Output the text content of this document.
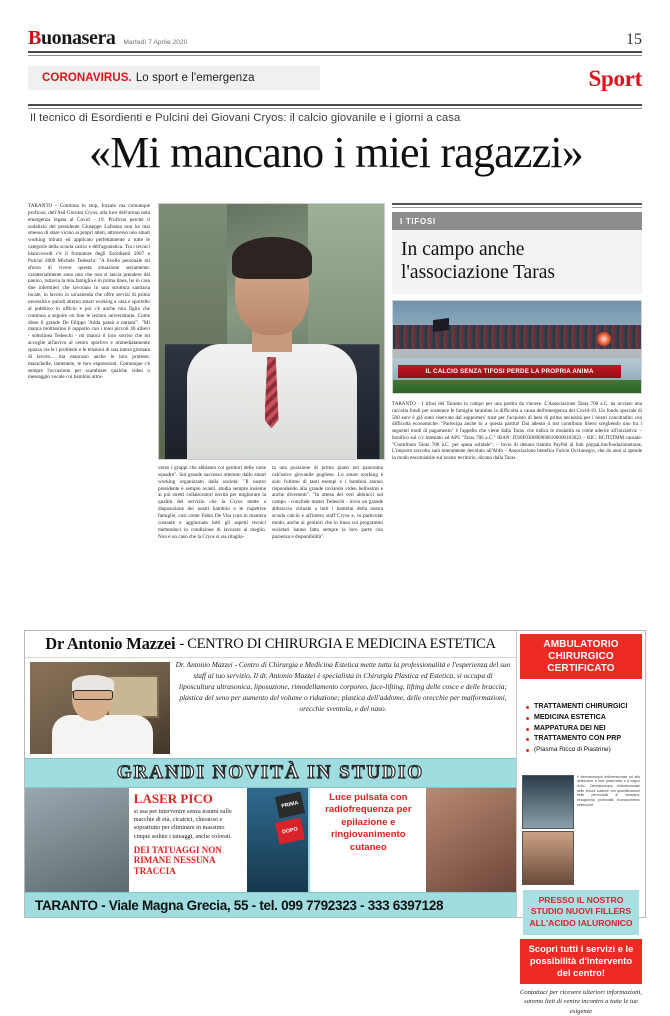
Buonasera Martedì 7 Aprile 2020	15
CORONAVIRUS. Lo sport e l'emergenza	Sport
Il tecnico di Esordienti e Pulcini dei Giovani Cryos: il calcio giovanile e i giorni a casa
«Mi mancano i miei ragazzi»
TARANTO - Continua lo stop, forzato ma comunque proficuo, dell'Asd Giovani Cryos, alla luce dell'ormai nota emergenza legata al Covid - 19. Proficuo perché il sodalizio del presidente Giuseppe Laframa non ha mai smesso di stare vicino ai propri atleti, attraverso uno smart working mirato ed applicato perfettamente a tutte le categorie della scuola calcio e dell'agonistica. Tra i tecnici biancoverdi c'è il formatore degli Esordienti 2007 e Pulcini 2009 Michele Tedeschi: "A livello personale mi sforzo di vivere questa situazione seriamente: caratterialmente sono uno che non si lascia prendere dal panico, tuttavia la mia famiglia è in prima linea, ho in casa due infermieri che lavorano in una struttura sanitaria locale, io lavoro in un'azienda che offre servizi di prima necessità e quindi alterno smart working a casa e sportello al pubblico in ufficio e poi c'è anche mia figlia che continua a seguire on line le lezioni universitarie. Come disse il grande De Filippo 'Adda passà a nuttata'". "Mi manca moltissimo il rapporto con i miei piccoli 46 allievi - sottolinea Tedeschi - mi manca il loro sorriso che mi accoglie all'arrivo al centro sportivo e immediatamente spazza via le i problemi e le tensioni di una intera giornata di lavoro... ma mancano anche le loro proteste, marachelle, lamentele, le loro espressioni. Comunque c'è sempre l'occasione per scambiare qualche video o messaggio vocale coi bambini attra-
verso i gruppi che abbiamo coi genitori delle varie squadre". Sul grande successo ottenuto dallo smart working organizzato dalla società: "Il nostro presidente è sempre avanti, studia sempre insieme ai più stretti collaboratori novità per migliorare la qualità del servizio che la Cryos mette a disposizione dei nostri bambini e le rispettive famiglie, così come Fabio De Vita cura in maniera costante e aggiornata tutti gli aspetti tecnici mettendoci in condizione di lavorare al meglio. Non è un caso che la Cryos si sia ritaglia-
ta una posizione di primo piano nel panorama calcistico giovanile pugliese. Lo smart working è solo l'ultimo di tanti esempi e i bambini stanno rispondendo alla grande inviando video bellissimi e anche divertenti". "In attesa dei veri abbracci sul campo - conclude mister Tedeschi - invio un grande abbraccio virtuale a tutti i bambini della nostra scuola calcio e all'intero staff Cryos e, in particolar modo, anche ai genitori che in linea coi programmi societari hanno fatto sempre la loro parte con pazienza e disponibilità".
I TIFOSI
In campo anche l'associazione Taras
IL CALCIO SENZA TIFOSI PERDE LA PROPRIA ANIMA
TARANTO - I tifosi del Taranto in campo per una partita da vincere. L'Associazione Taras 706 a.C. ha avviato una raccolta fondi per sostenere le famiglie tarantine in difficoltà a causa dell'emergenza del Covid-19. Un fondo speciale di 500 euro è già stato riservato dal supporters' trust per l'acquisto di beni di prima necessità per i nostri concittadini con difficoltà economiche. "Partecipa anche tu a questa partita! Dai adesso il tuo contributo libero scegliendo uno tra i seguenti modi di pagamento" è l'appello che viene dalla Taras, che indica le modalità su come aderire all'iniziativa: – bonifico sul c/c intestato ad APS "Taras 706 a.C." IBAN: IT60F0306909606100000103023 – BIC: BCITITMM causale: "Contributo Taras 706 a.C. per spesa solidale"; – invio di denaro tramite PayPal al link paypal.me/foodazionetaras. L'importo raccolto sarà interamente devoluto all'Abfo – Associazione benefica Fulvio Occhinegro, che da anni si spende in modo encomiabile sul nostro territorio, dicono dalla Taras.
Dr Antonio Mazzei - CENTRO DI CHIRURGIA E MEDICINA ESTETICA
Dr. Antonio Mazzei - Centro di Chirurgia e Medicina Estetica mette tutta la professionalità e l'esperienza del suo staff al tuo servizio. Il dr. Antonio Mazzei è specialista in Chirurgia Plastica ed Estetica, si occupa di liposcultura ultrasonica, liposuzione, rimodellamento corporeo, face-lifting, lifting delle cosce e delle braccia; plastica del seno per aumento del volume o riduzione; plastica dell'addome, delle orecchie per malformazioni, orecchie sventola, e del naso.
GRANDI NOVITÀ IN STUDIO
LASER PICO
si usa per intervenire senza traumi sulle macchie di età, cicatrici, cheratosi e soprattutto per eliminare in massimo cinque sedute i tatuaggi, anche colorati.
DEI TATUAGGI NON RIMANE NESSUNA TRACCIA
PRIMA
DOPO
Luce pulsata con radiofrequenza per epilazione e ringiovanimento cutaneo
TARANTO - Viale Magna Grecia, 55 - tel. 099 7792323 - 333 6397128
AMBULATORIO CHIRURGICO CERTIFICATO
TRATTAMENTI CHIRURGICI
MEDICINA ESTETICA
MAPPATURA DEI NEI
TRATTAMENTO CON PRP
(Plasma Ricco di Piastrine)
Il dermatoscopio tridimensionale ad alta definizione a luce polarizzata e a bagno d'olio. Dermatoscopia tridimensionale delle lesioni cutanee con quantificazione delle percentuali di melanina, emoglobina, profondità, riconoscimento estensione.
PRESSO IL NOSTRO STUDIO NUOVI FILLERS ALL'ACIDO IALURONICO
Scopri tutti i servizi e le possibilità d'intervento del centro!
Contattaci per ricevere ulteriori informazioni, saremo lieti di venire incontro a tutte le tue esigenze
